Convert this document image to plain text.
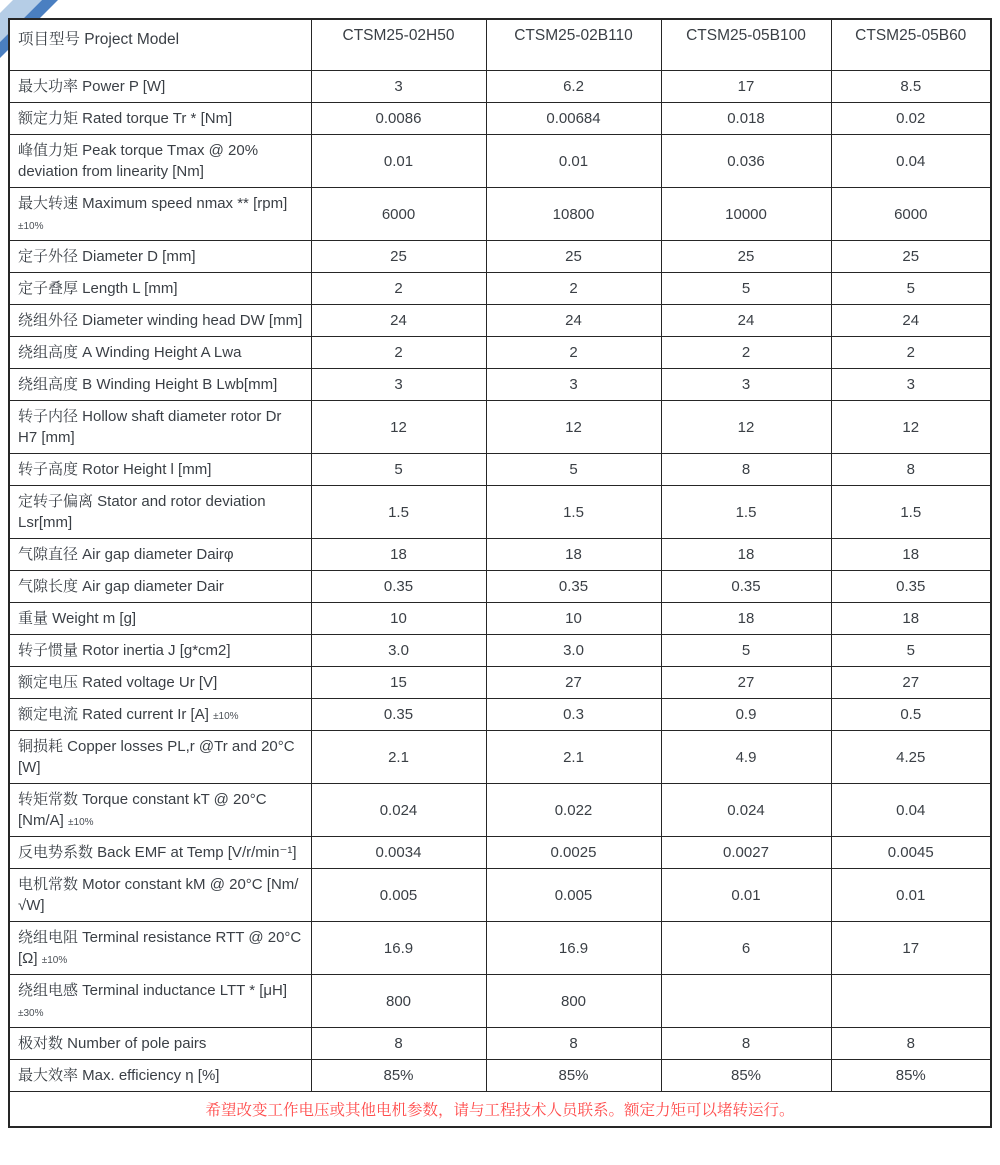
项目型号 Project Model	CTSM25-02H50	CTSM25-02B110	CTSM25-05B100	CTSM25-05B60
最大功率 Power P [W]	3	6.2	17	8.5
额定力矩 Rated torque Tr * [Nm]	0.0086	0.00684	0.018	0.02
峰值力矩 Peak torque Tmax @ 20% deviation from linearity [Nm]	0.01	0.01	0.036	0.04
最大转速 Maximum speed nmax ** [rpm] ±10%	6000	10800	10000	6000
定子外径 Diameter D [mm]	25	25	25	25
定子叠厚 Length L [mm]	2	2	5	5
绕组外径 Diameter winding head DW [mm]	24	24	24	24
绕组高度 A Winding Height A Lwa	2	2	2	2
绕组高度 B Winding Height B Lwb[mm]	3	3	3	3
转子内径 Hollow shaft diameter rotor Dr H7 [mm]	12	12	12	12
转子高度 Rotor Height l [mm]	5	5	8	8
定转子偏离 Stator and rotor deviation Lsr[mm]	1.5	1.5	1.5	1.5
气隙直径 Air gap diameter Dairφ	18	18	18	18
气隙长度 Air gap diameter Dair	0.35	0.35	0.35	0.35
重量 Weight m [g]	10	10	18	18
转子惯量 Rotor inertia J [g*cm2]	3.0	3.0	5	5
额定电压 Rated voltage Ur [V]	15	27	27	27
额定电流 Rated current Ir [A] ±10%	0.35	0.3	0.9	0.5
铜损耗 Copper losses PL,r @Tr and 20°C [W]	2.1	2.1	4.9	4.25
转矩常数 Torque constant kT @ 20°C [Nm/A] ±10%	0.024	0.022	0.024	0.04
反电势系数 Back EMF at Temp [V/r/min⁻¹]	0.0034	0.0025	0.0027	0.0045
电机常数 Motor constant kM @ 20°C [Nm/ √W]	0.005	0.005	0.01	0.01
绕组电阻 Terminal resistance RTT @ 20°C [Ω] ±10%	16.9	16.9	6	17
绕组电感 Terminal inductance LTT * [μH] ±30%	800	800		
极对数 Number of pole pairs	8	8	8	8
最大效率 Max. efficiency η [%]	85%	85%	85%	85%
希望改变工作电压或其他电机参数，请与工程技术人员联系。额定力矩可以堵转运行。				
